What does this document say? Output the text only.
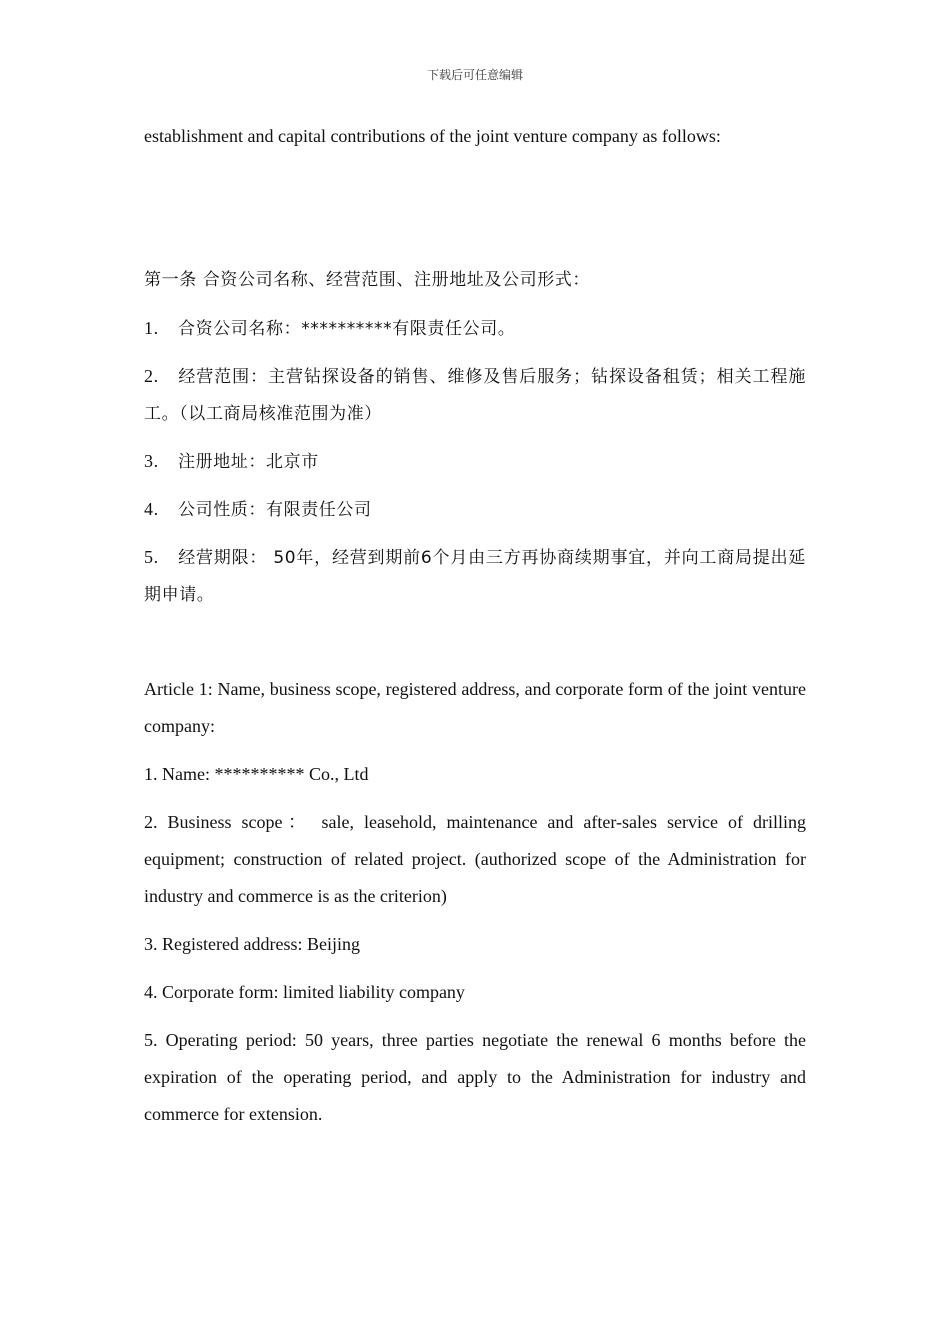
下载后可任意编辑

establishment and capital contributions of the joint venture company as follows:

第一条 合资公司名称、经营范围、注册地址及公司形式：

1. 合资公司名称：**********有限责任公司。

2. 经营范围：主营钻探设备的销售、维修及售后服务；钻探设备租赁；相关工程施工。（以工商局核准范围为准）

3. 注册地址：北京市

4. 公司性质：有限责任公司

5. 经营期限： 50年，经营到期前6个月由三方再协商续期事宜，并向工商局提出延期申请。

Article 1: Name, business scope, registered address, and corporate form of the joint venture company:

1. Name: ********** Co., Ltd

2. Business scope： sale, leasehold, maintenance and after-sales service of drilling equipment; construction of related project. (authorized scope of the Administration for industry and commerce is as the criterion)

3. Registered address: Beijing

4. Corporate form: limited liability company

5. Operating period: 50 years, three parties negotiate the renewal 6 months before the expiration of the operating period, and apply to the Administration for industry and commerce for extension.
